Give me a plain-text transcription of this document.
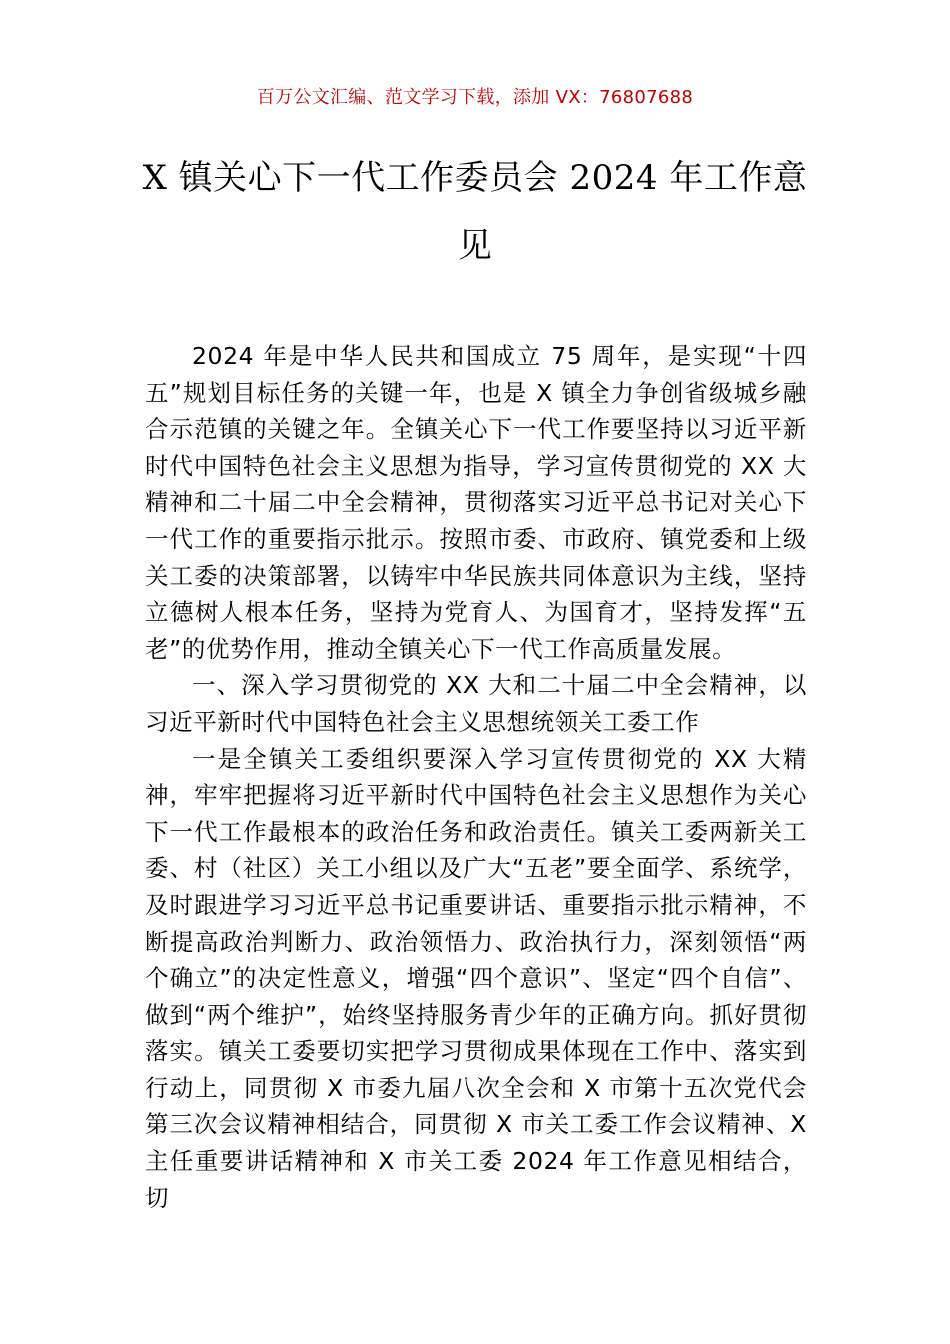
百万公文汇编、范文学习下载，添加 VX：76807688
X 镇关心下一代工作委员会 2024 年工作意
见

2024 年是中华人民共和国成立 75 周年，是实现“十四五”规划目标任务的关键一年，也是 X 镇全力争创省级城乡融合示范镇的关键之年。全镇关心下一代工作要坚持以习近平新时代中国特色社会主义思想为指导，学习宣传贯彻党的 XX 大精神和二十届二中全会精神，贯彻落实习近平总书记对关心下一代工作的重要指示批示。按照市委、市政府、镇党委和上级关工委的决策部署，以铸牢中华民族共同体意识为主线，坚持立德树人根本任务，坚持为党育人、为国育才，坚持发挥“五老”的优势作用，推动全镇关心下一代工作高质量发展。

一、深入学习贯彻党的 XX 大和二十届二中全会精神，以习近平新时代中国特色社会主义思想统领关工委工作

一是全镇关工委组织要深入学习宣传贯彻党的 XX 大精神，牢牢把握将习近平新时代中国特色社会主义思想作为关心下一代工作最根本的政治任务和政治责任。镇关工委两新关工委、村（社区）关工小组以及广大“五老”要全面学、系统学，及时跟进学习习近平总书记重要讲话、重要指示批示精神，不断提高政治判断力、政治领悟力、政治执行力，深刻领悟“两个确立”的决定性意义，增强“四个意识”、坚定“四个自信”、做到“两个维护”，始终坚持服务青少年的正确方向。抓好贯彻落实。镇关工委要切实把学习贯彻成果体现在工作中、落实到行动上，同贯彻 X 市委九届八次全会和 X 市第十五次党代会第三次会议精神相结合，同贯彻 X 市关工委工作会议精神、X 主任重要讲话精神和 X 市关工委 2024 年工作意见相结合，切
